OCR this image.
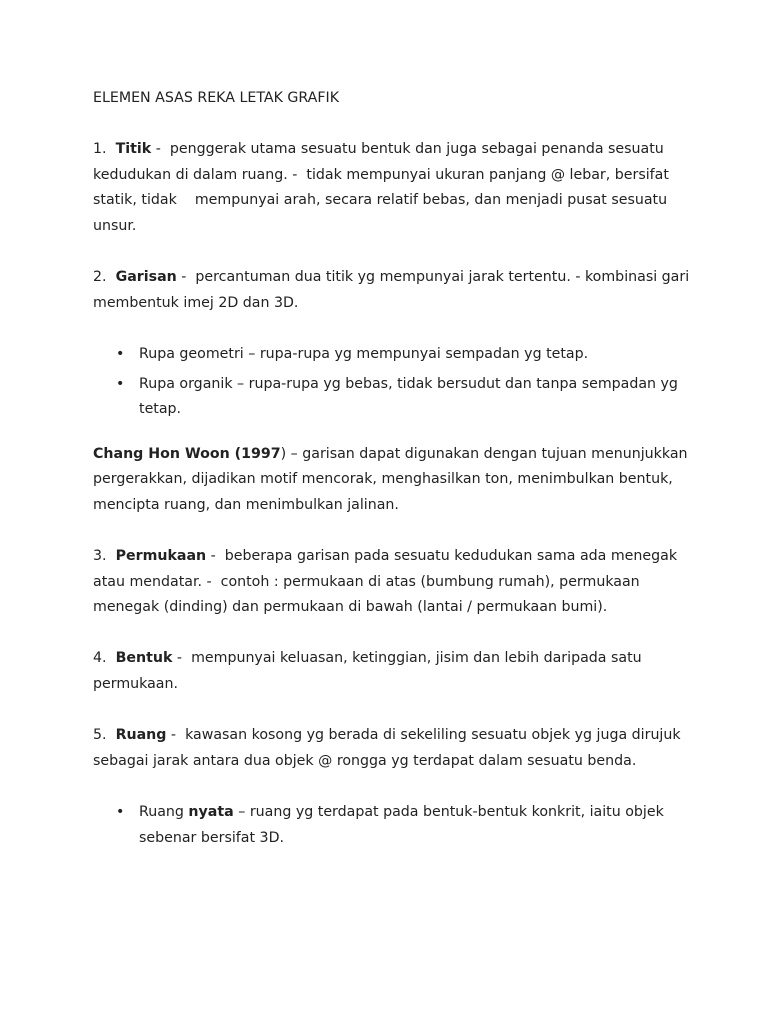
ELEMEN ASAS REKA LETAK GRAFIK
1.  Titik -  penggerak utama sesuatu bentuk dan juga sebagai penanda sesuatu    kedudukan di dalam ruang. -  tidak mempunyai ukuran panjang @ lebar, bersifat statik, tidak    mempunyai arah, secara relatif bebas, dan menjadi pusat sesuatu    unsur.
2.  Garisan -  percantuman dua titik yg mempunyai jarak tertentu. - kombinasi gari membentuk imej 2D dan 3D.
• Rupa geometri – rupa-rupa yg mempunyai sempadan yg tetap.
• Rupa organik – rupa-rupa yg bebas, tidak bersudut dan tanpa sempadan yg tetap.
Chang Hon Woon (1997) – garisan dapat digunakan dengan tujuan menunjukkan pergerakkan, dijadikan motif mencorak, menghasilkan ton, menimbulkan bentuk, mencipta ruang, dan menimbulkan jalinan.
3.  Permukaan -  beberapa garisan pada sesuatu kedudukan sama ada menegak atau mendatar. -  contoh : permukaan di atas (bumbung rumah), permukaan menegak (dinding) dan permukaan di bawah (lantai / permukaan bumi).
4.  Bentuk -  mempunyai keluasan, ketinggian, jisim dan lebih daripada satu permukaan.
5.  Ruang -  kawasan kosong yg berada di sekeliling sesuatu objek yg juga dirujuk sebagai jarak antara dua objek @ rongga yg terdapat dalam sesuatu benda.
• Ruang nyata – ruang yg terdapat pada bentuk-bentuk konkrit, iaitu objek sebenar bersifat 3D.
